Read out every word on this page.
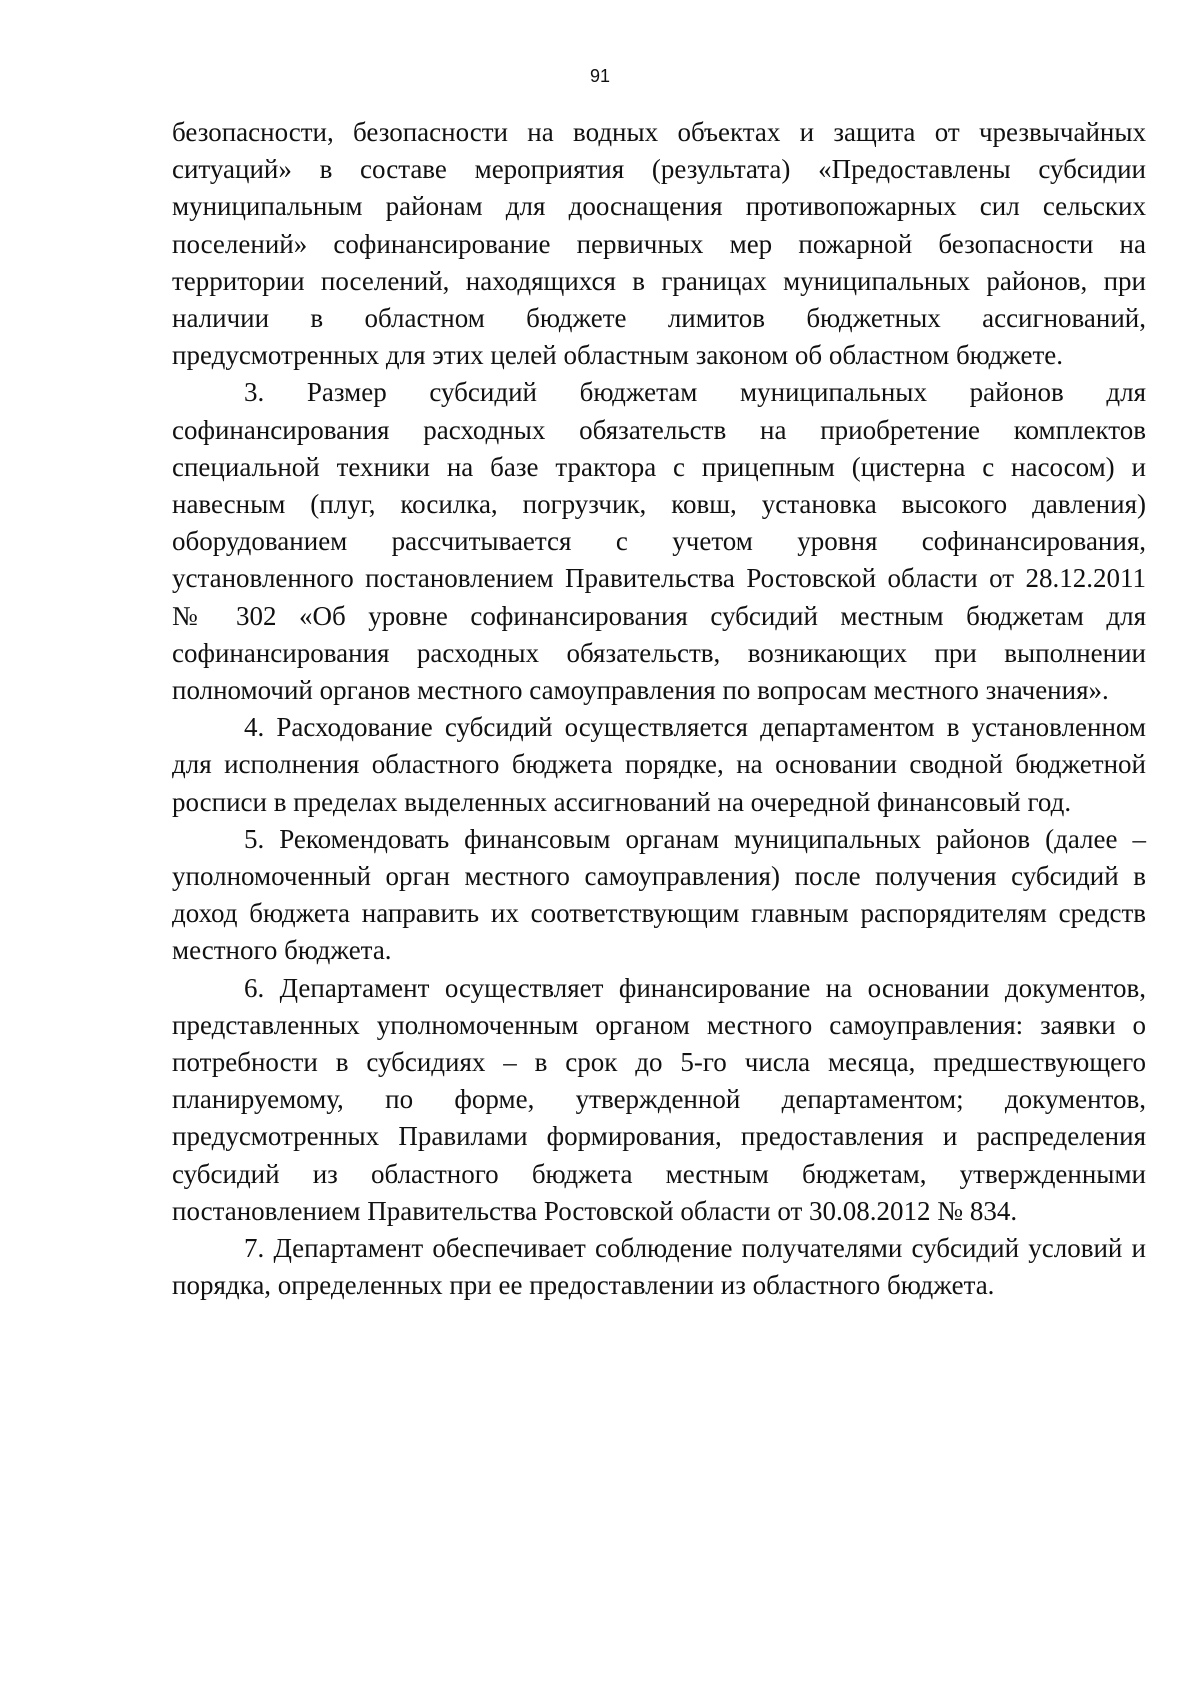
91

безопасности, безопасности на водных объектах и защита от чрезвычайных ситуаций» в составе мероприятия (результата) «Предоставлены субсидии муниципальным районам для дооснащения противопожарных сил сельских поселений» софинансирование первичных мер пожарной безопасности на территории поселений, находящихся в границах муниципальных районов, при наличии в областном бюджете лимитов бюджетных ассигнований, предусмотренных для этих целей областным законом об областном бюджете.

3. Размер субсидий бюджетам муниципальных районов для софинансирования расходных обязательств на приобретение комплектов специальной техники на базе трактора с прицепным (цистерна с насосом) и навесным (плуг, косилка, погрузчик, ковш, установка высокого давления) оборудованием рассчитывается с учетом уровня софинансирования, установленного постановлением Правительства Ростовской области от 28.12.2011 № 302 «Об уровне софинансирования субсидий местным бюджетам для софинансирования расходных обязательств, возникающих при выполнении полномочий органов местного самоуправления по вопросам местного значения».

4. Расходование субсидий осуществляется департаментом в установленном для исполнения областного бюджета порядке, на основании сводной бюджетной росписи в пределах выделенных ассигнований на очередной финансовый год.

5. Рекомендовать финансовым органам муниципальных районов (далее – уполномоченный орган местного самоуправления) после получения субсидий в доход бюджета направить их соответствующим главным распорядителям средств местного бюджета.

6. Департамент осуществляет финансирование на основании документов, представленных уполномоченным органом местного самоуправления: заявки о потребности в субсидиях – в срок до 5-го числа месяца, предшествующего планируемому, по форме, утвержденной департаментом; документов, предусмотренных Правилами формирования, предоставления и распределения субсидий из областного бюджета местным бюджетам, утвержденными постановлением Правительства Ростовской области от 30.08.2012 № 834.

7. Департамент обеспечивает соблюдение получателями субсидий условий и порядка, определенных при ее предоставлении из областного бюджета.
